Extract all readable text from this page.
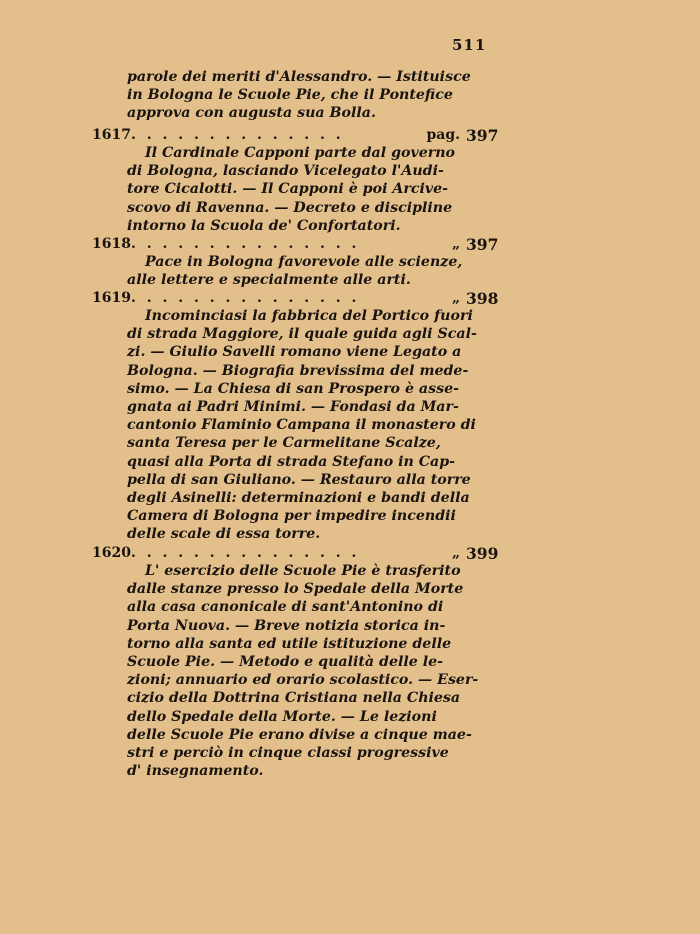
511
parole dei meriti d'Alessandro. — Istituisce
in Bologna le Scuole Pie, che il Pontefice
approva con augusta sua Bolla.
1617. . . . . . . . . . . . . .	pag. 397
Il Cardinale Capponi parte dal governo
di Bologna, lasciando Vicelegato l'Audi-
tore Cicalotti. — Il Capponi è poi Arcive-
scovo di Ravenna. — Decreto e discipline
intorno la Scuola de' Confortatori.
1618. . . . . . . . . . . . . . .	„ 397
Pace in Bologna favorevole alle scienze,
alle lettere e specialmente alle arti.
1619. . . . . . . . . . . . . . .	„ 398
Incominciasi la fabbrica del Portico fuori
di strada Maggiore, il quale guida agli Scal-
zi. — Giulio Savelli romano viene Legato a
Bologna. — Biografia brevissima del mede-
simo. — La Chiesa di san Prospero è asse-
gnata ai Padri Minimi. — Fondasi da Mar-
cantonio Flaminio Campana il monastero di
santa Teresa per le Carmelitane Scalze,
quasi alla Porta di strada Stefano in Cap-
pella di san Giuliano. — Restauro alla torre
degli Asinelli: determinazioni e bandi della
Camera di Bologna per impedire incendii
delle scale di essa torre.
1620. . . . . . . . . . . . . . .	„ 399
L' esercizio delle Scuole Pie è trasferito
dalle stanze presso lo Spedale della Morte
alla casa canonicale di sant'Antonino di
Porta Nuova. — Breve notizia storica in-
torno alla santa ed utile istituzione delle
Scuole Pie. — Metodo e qualità delle le-
zioni; annuario ed orario scolastico. — Eser-
cizio della Dottrina Cristiana nella Chiesa
dello Spedale della Morte. — Le lezioni
delle Scuole Pie erano divise a cinque mae-
stri e perciò in cinque classi progressive
d' insegnamento.
